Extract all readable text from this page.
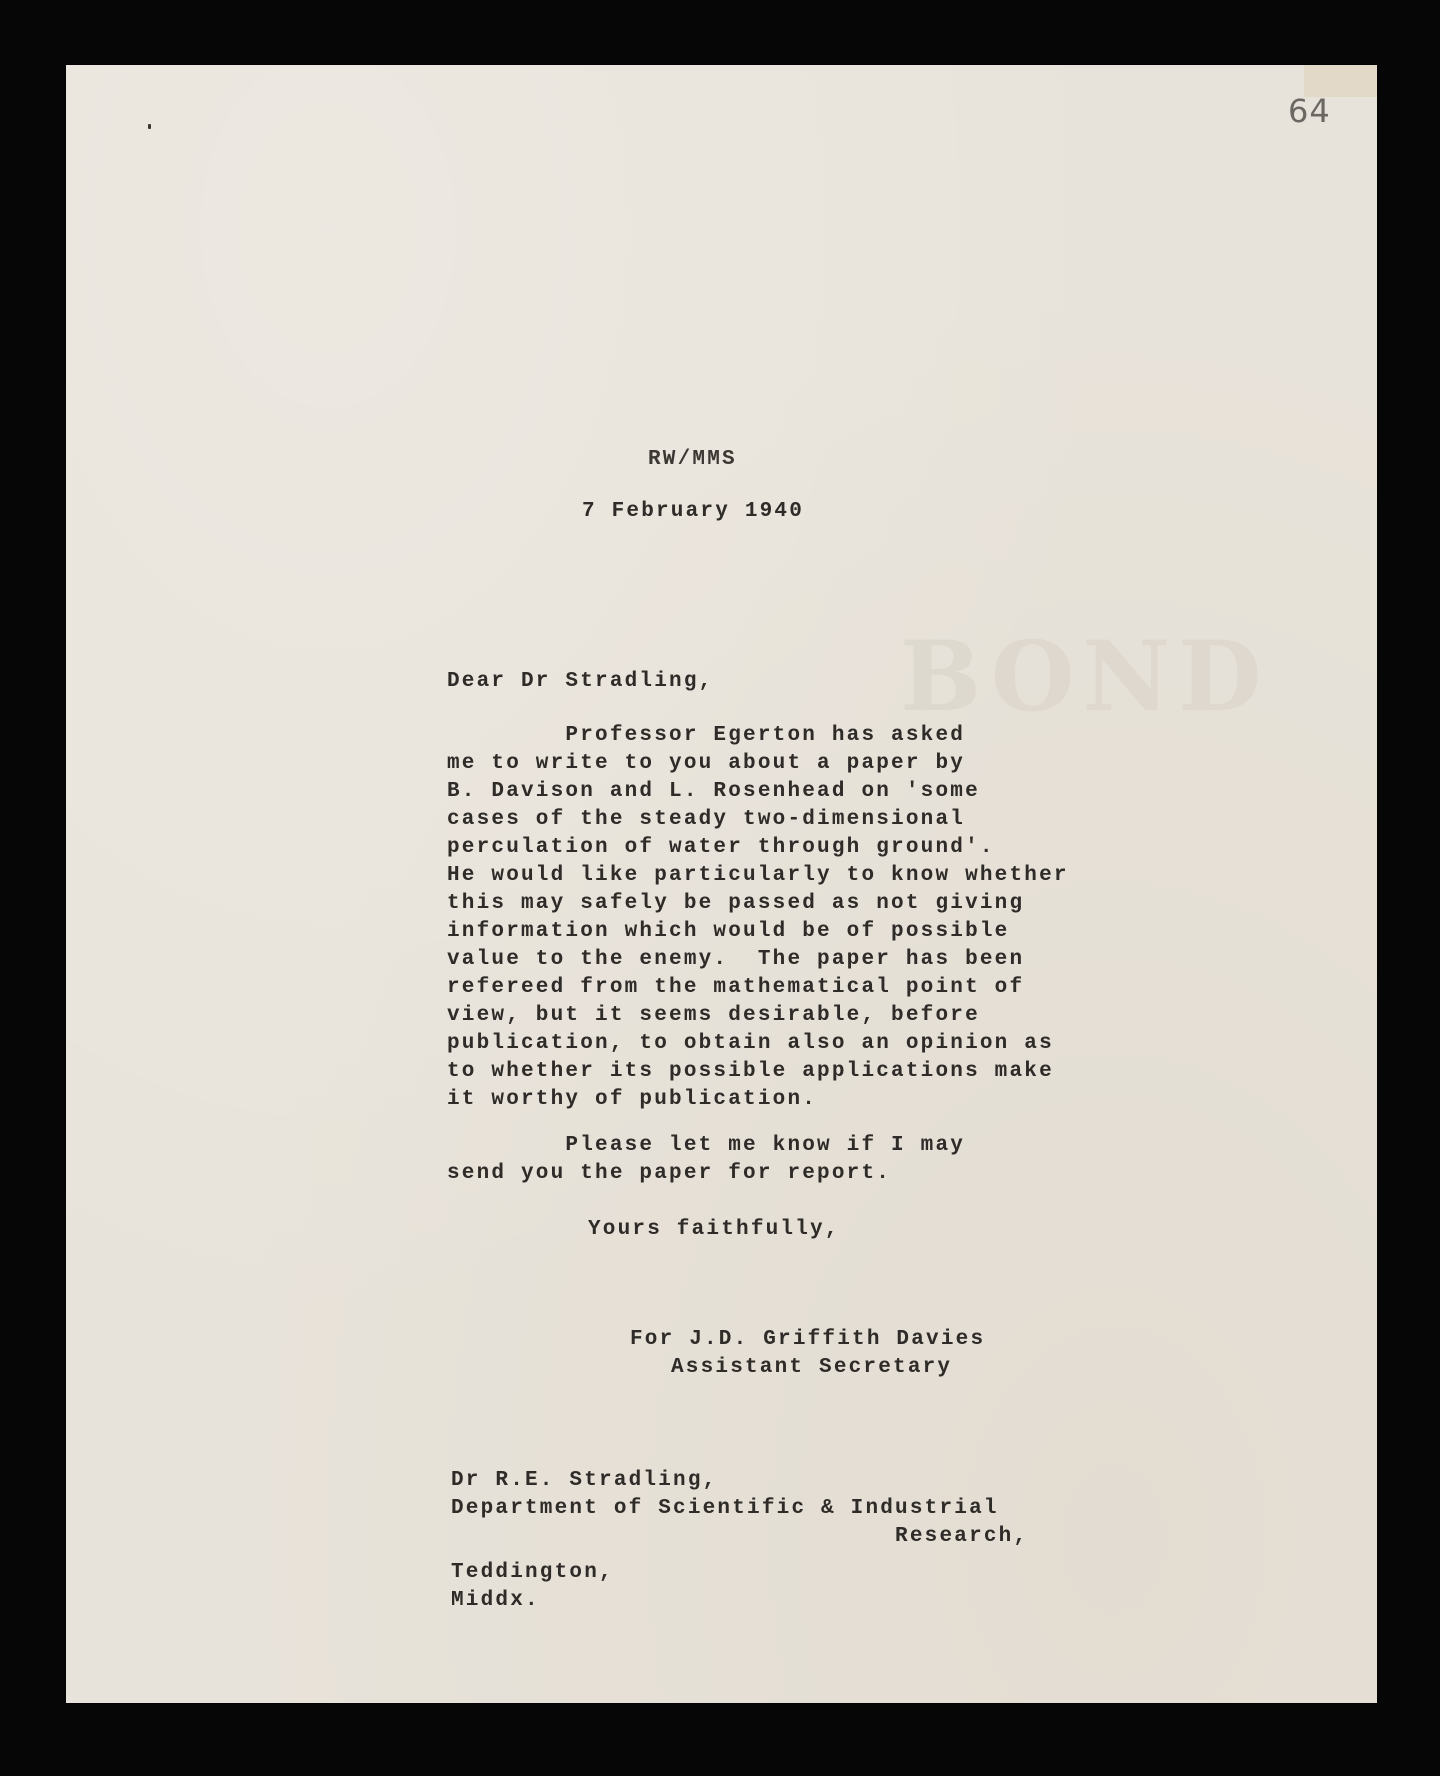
BOND
64
RW/MMS
7 February 1940
Dear Dr Stradling,
Professor Egerton has asked
me to write to you about a paper by
B. Davison and L. Rosenhead on 'some
cases of the steady two-dimensional
perculation of water through ground'.
He would like particularly to know whether
this may safely be passed as not giving
information which would be of possible
value to the enemy.  The paper has been
refereed from the mathematical point of
view, but it seems desirable, before
publication, to obtain also an opinion as
to whether its possible applications make
it worthy of publication.
Please let me know if I may
send you the paper for report.
Yours faithfully,
For J.D. Griffith Davies
Assistant Secretary
Dr R.E. Stradling,
Department of Scientific & Industrial
Research,
Teddington,
Middx.
